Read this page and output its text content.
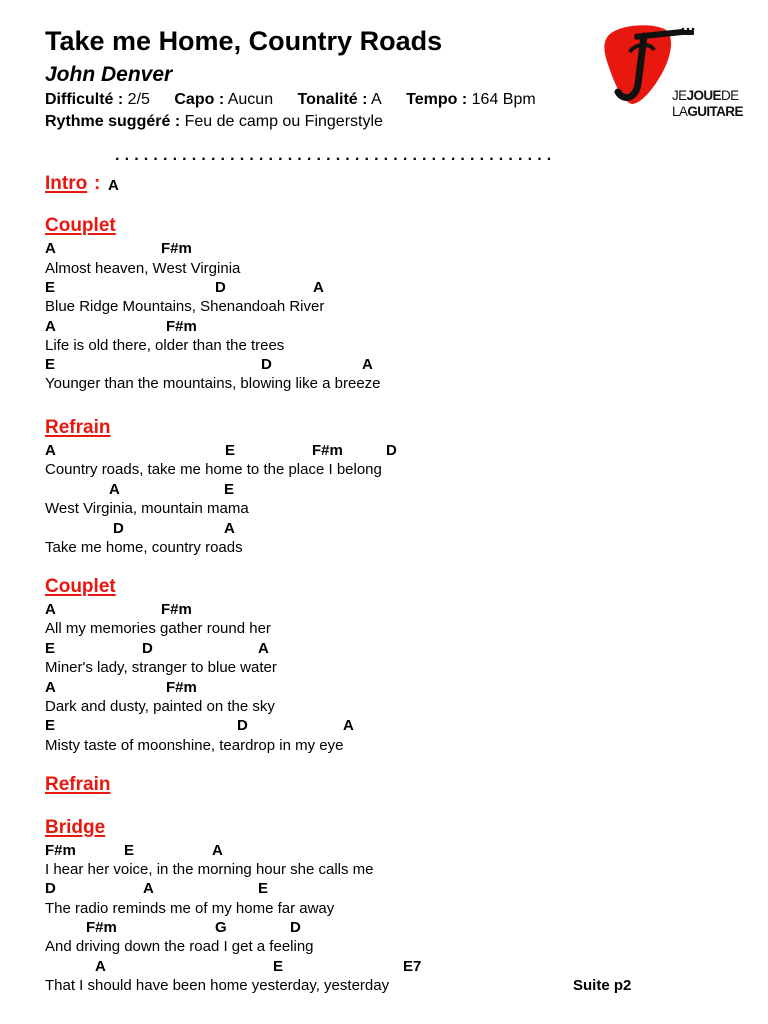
Take me Home, Country Roads
John Denver
Difficulté : 2/5 Capo : Aucun Tonalité : A Tempo : 164 Bpm
Rythme suggéré : Feu de camp ou Fingerstyle
JEJOUEDE
LAGUITARE
..............................................
Intro : A
Couplet
A	F#m
Almost heaven, West Virginia
E	D	A
Blue Ridge Mountains, Shenandoah River
A	F#m
Life is old there, older than the trees
E	D	A
Younger than the mountains, blowing like a breeze
Refrain
A	E	F#m	D
Country roads, take me home to the place I belong
A	E
West Virginia, mountain mama
D	A
Take me home, country roads
Couplet
A	F#m
All my memories gather round her
E	D	A
Miner's lady, stranger to blue water
A	F#m
Dark and dusty, painted on the sky
E	D	A
Misty taste of moonshine, teardrop in my eye
Refrain
Bridge
F#m	E	A
I hear her voice, in the morning hour she calls me
D	A	E
The radio reminds me of my home far away
F#m	G	D
And driving down the road I get a feeling
A	E	E7
That I should have been home yesterday, yesterday	Suite p2
